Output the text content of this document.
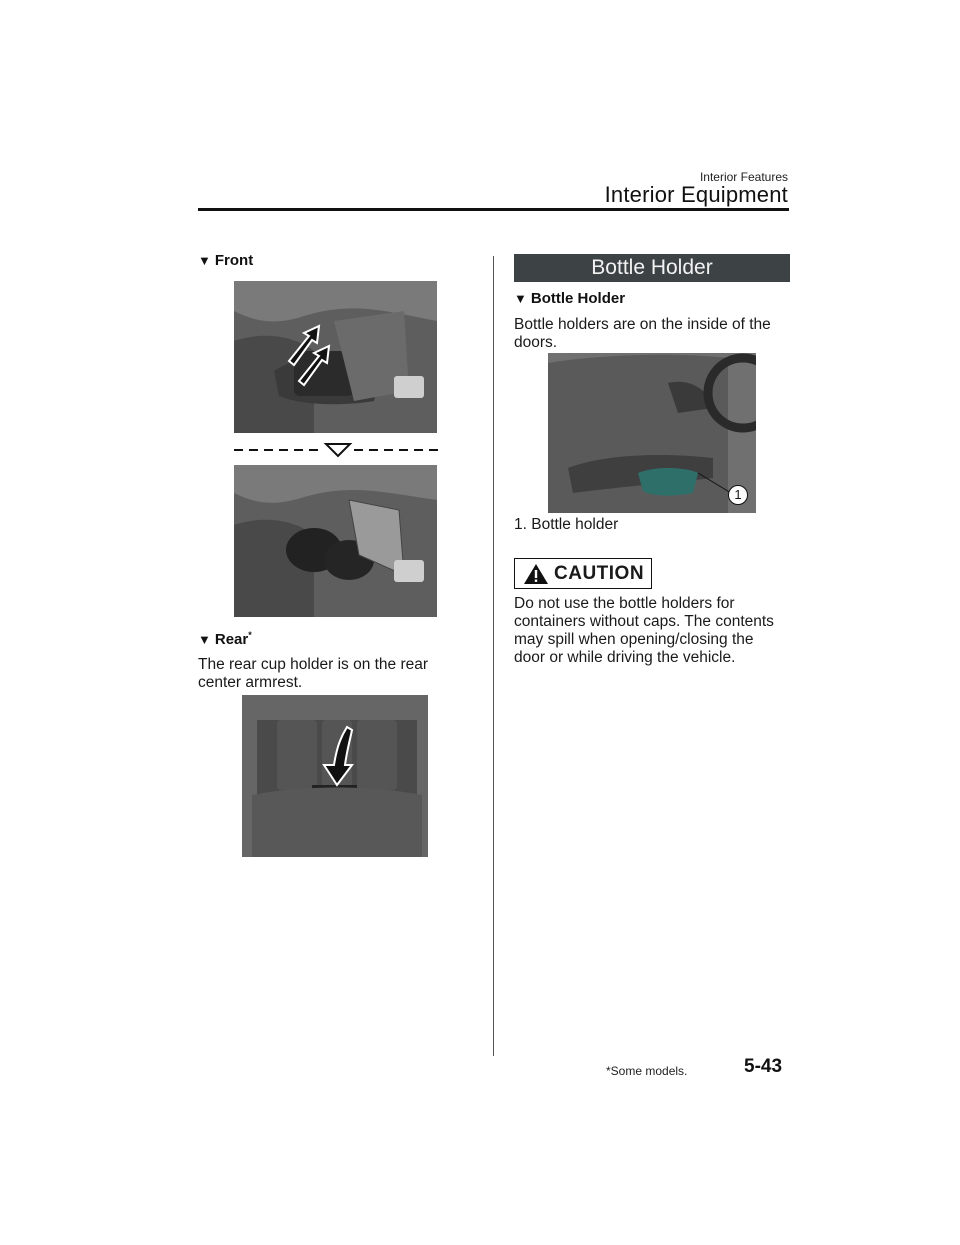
Interior Features
Interior Equipment
▼ Front
▼ Rear*
The rear cup holder is on the rear center armrest.
Bottle Holder
▼ Bottle Holder
Bottle holders are on the inside of the doors.
1
1. Bottle holder
CAUTION
Do not use the bottle holders for containers without caps. The contents may spill when opening/closing the door or while driving the vehicle.
*Some models.	5-43
